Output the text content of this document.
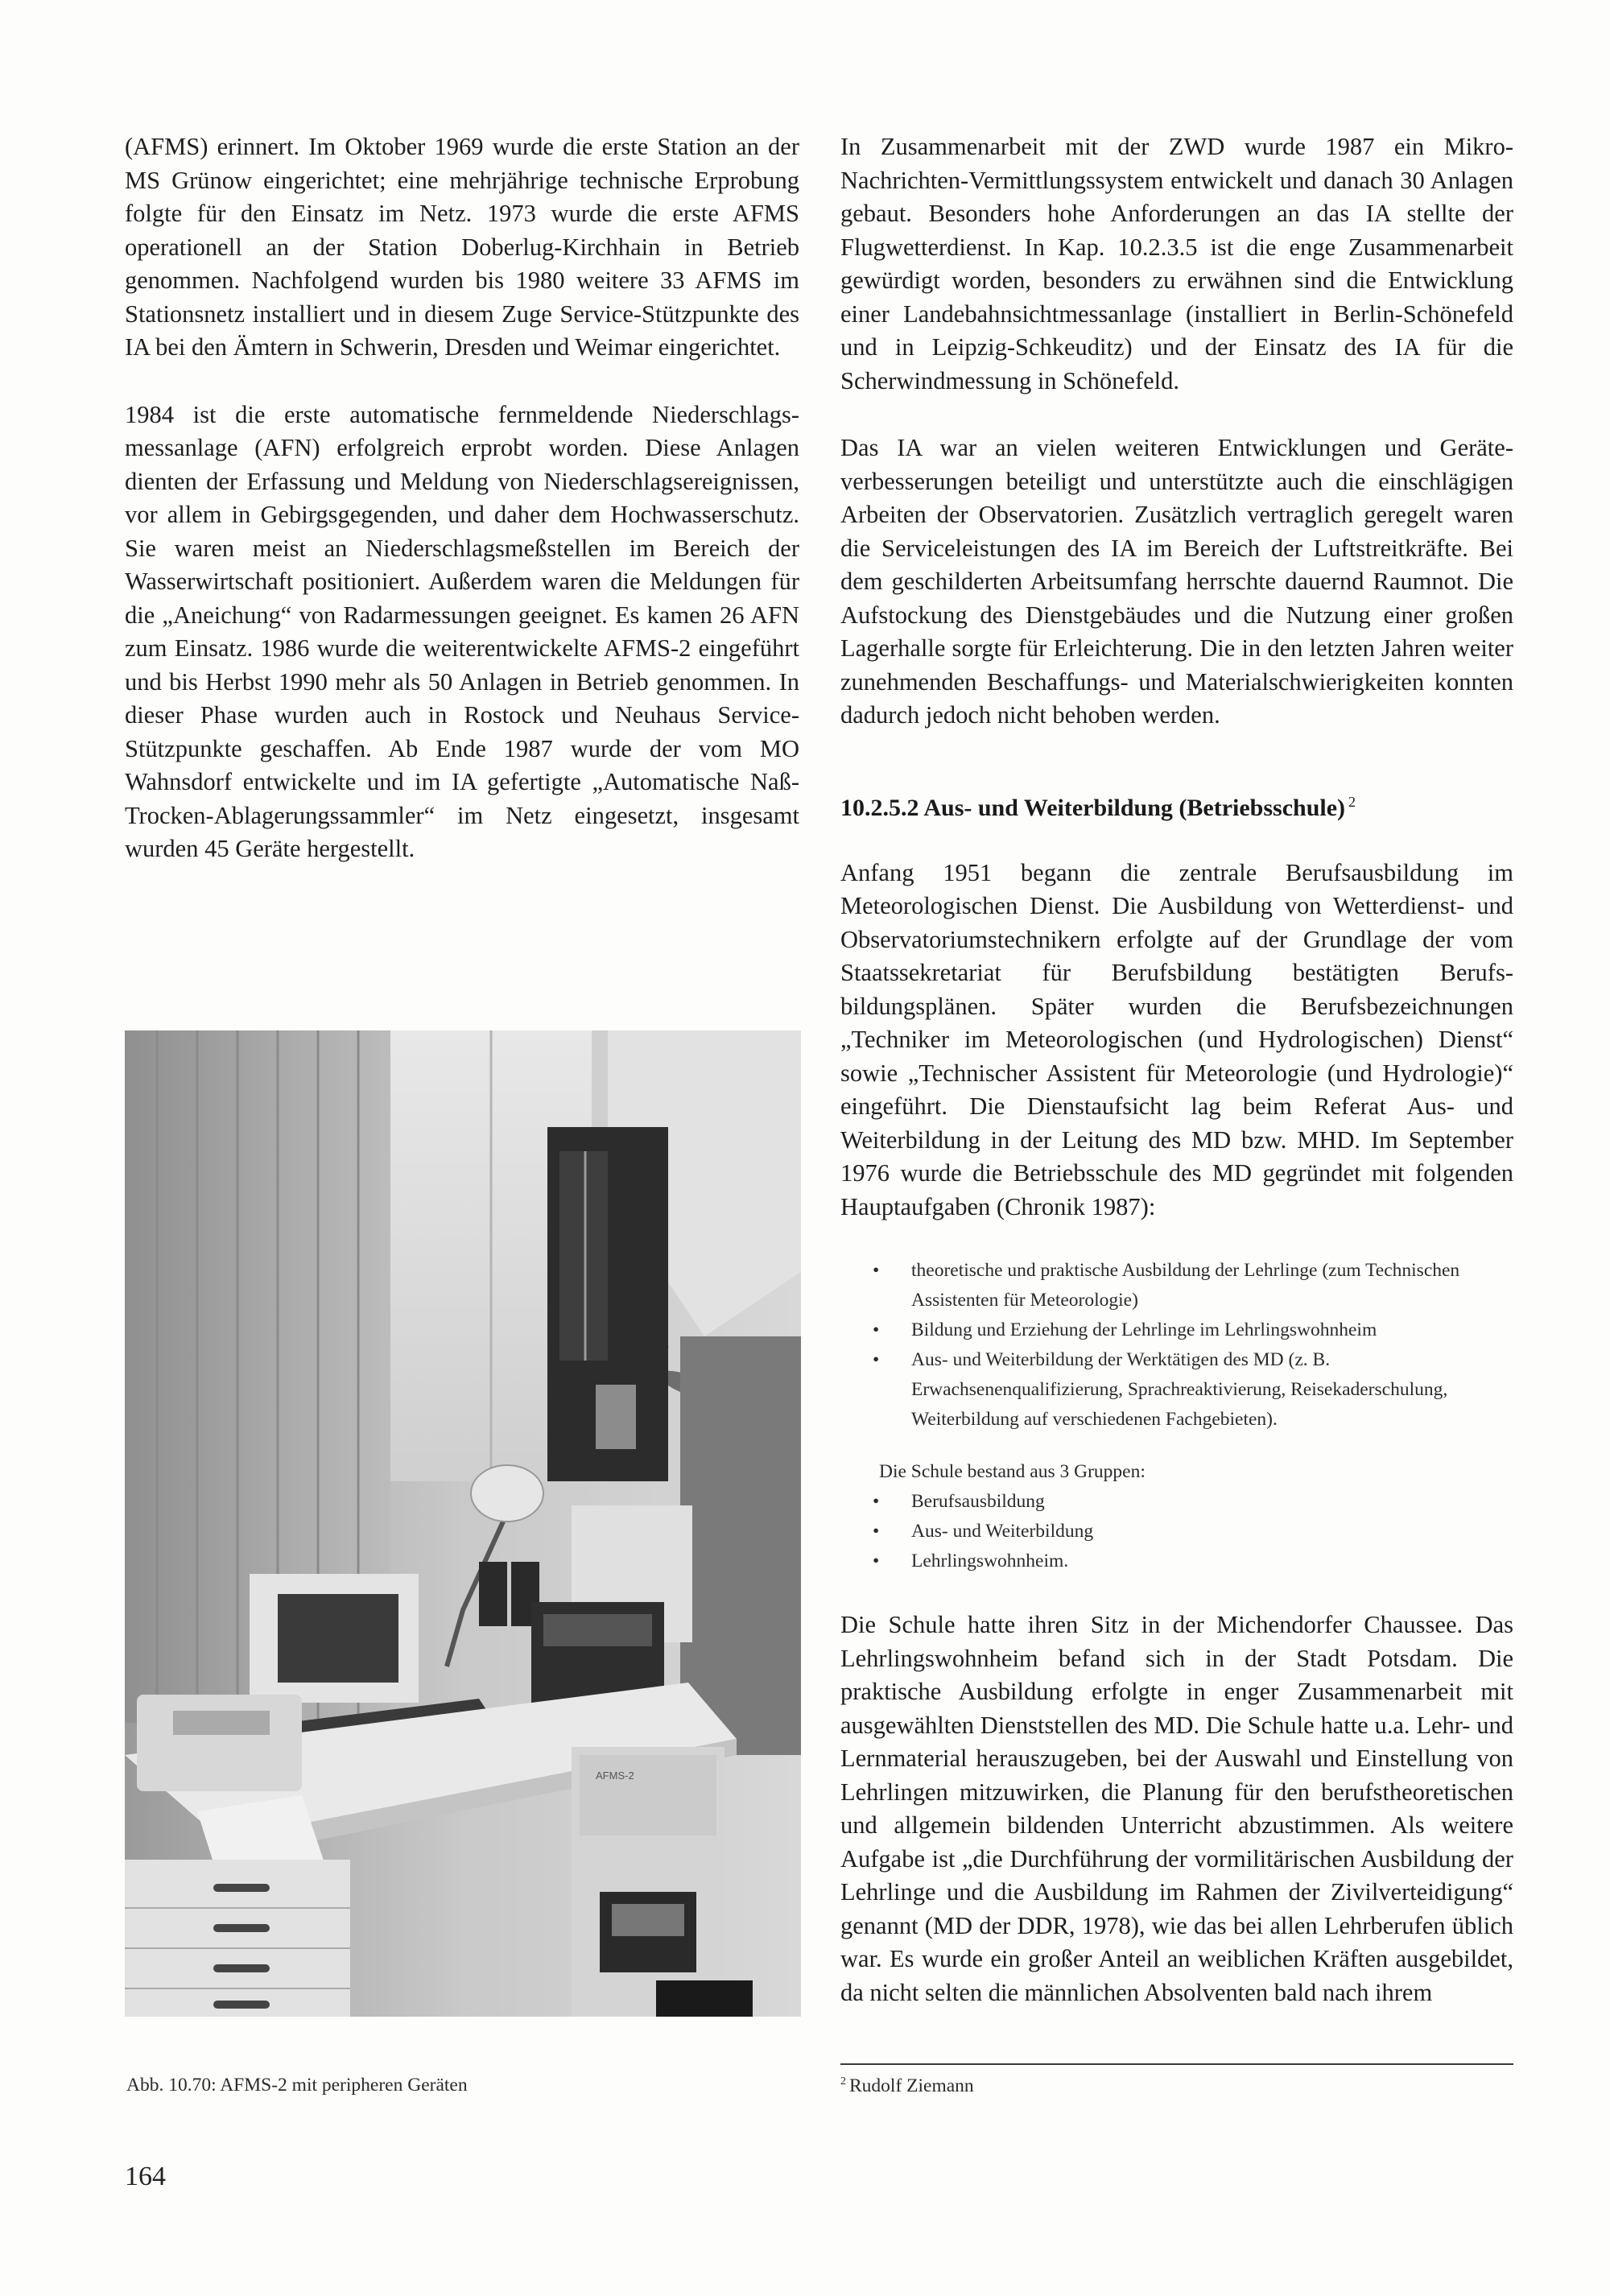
(AFMS) erinnert. Im Oktober 1969 wurde die erste Station an der MS Grünow eingerichtet; eine mehrjährige technische Erprobung folgte für den Einsatz im Netz. 1973 wurde die erste AFMS operationell an der Station Doberlug-Kirchhain in Betrieb genommen. Nachfolgend wurden bis 1980 weitere 33 AFMS im Stationsnetz installiert und in diesem Zuge Service-Stützpunkte des IA bei den Ämtern in Schwerin, Dresden und Weimar eingerichtet.

1984 ist die erste automatische fernmeldende Niederschlagsmessanlage (AFN) erfolgreich erprobt worden. Diese Anlagen dienten der Erfassung und Meldung von Niederschlagsereignissen, vor allem in Gebirgsgegenden, und daher dem Hochwasserschutz. Sie waren meist an Niederschlagsmeßstellen im Bereich der Wasserwirtschaft positioniert. Außerdem waren die Meldungen für die „Aneichung“ von Radarmessungen geeignet. Es kamen 26 AFN zum Einsatz. 1986 wurde die weiterentwickelte AFMS-2 eingeführt und bis Herbst 1990 mehr als 50 Anlagen in Betrieb genommen. In dieser Phase wurden auch in Rostock und Neuhaus Service-Stützpunkte geschaffen. Ab Ende 1987 wurde der vom MO Wahnsdorf entwickelte und im IA gefertigte „Automatische Naß-Trocken-Ablagerungssammler“ im Netz eingesetzt, insgesamt wurden 45 Geräte hergestellt.

AFMS-2

Abb. 10.70: AFMS-2 mit peripheren Geräten

In Zusammenarbeit mit der ZWD wurde 1987 ein Mikro-Nachrichten-Vermittlungssystem entwickelt und danach 30 Anlagen gebaut. Besonders hohe Anforderungen an das IA stellte der Flugwetterdienst. In Kap. 10.2.3.5 ist die enge Zusammenarbeit gewürdigt worden, besonders zu erwähnen sind die Entwicklung einer Landebahnsichtmessanlage (installiert in Berlin-Schönefeld und in Leipzig-Schkeuditz) und der Einsatz des IA für die Scherwindmessung in Schönefeld.

Das IA war an vielen weiteren Entwicklungen und Geräteverbesserungen beteiligt und unterstützte auch die einschlägigen Arbeiten der Observatorien. Zusätzlich vertraglich geregelt waren die Serviceleistungen des IA im Bereich der Luftstreitkräfte. Bei dem geschilderten Arbeitsumfang herrschte dauernd Raumnot. Die Aufstockung des Dienstgebäudes und die Nutzung einer großen Lagerhalle sorgte für Erleichterung. Die in den letzten Jahren weiter zunehmenden Beschaffungs- und Materialschwierigkeiten konnten dadurch jedoch nicht behoben werden.

10.2.5.2 Aus- und Weiterbildung (Betriebsschule) $^2$

Anfang 1951 begann die zentrale Berufsausbildung im Meteorologischen Dienst. Die Ausbildung von Wetterdienst- und Observatoriumstechnikern erfolgte auf der Grundlage der vom Staatssekretariat für Berufsbildung bestätigten Berufsbildungsplänen. Später wurden die Berufsbezeichnungen „Techniker im Meteorologischen (und Hydrologischen) Dienst“ sowie „Technischer Assistent für Meteorologie (und Hydrologie)“ eingeführt. Die Dienstaufsicht lag beim Referat Aus- und Weiterbildung in der Leitung des MD bzw. MHD. Im September 1976 wurde die Betriebsschule des MD gegründet mit folgenden Hauptaufgaben (Chronik 1987):

• theoretische und praktische Ausbildung der Lehrlinge (zum Technischen Assistenten für Meteorologie)
• Bildung und Erziehung der Lehrlinge im Lehrlingswohnheim
• Aus- und Weiterbildung der Werktätigen des MD (z. B. Erwachsenenqualifizierung, Sprachreaktivierung, Reisekaderschulung, Weiterbildung auf verschiedenen Fachgebieten).

Die Schule bestand aus 3 Gruppen:

• Berufsausbildung
• Aus- und Weiterbildung
• Lehrlingswohnheim.

Die Schule hatte ihren Sitz in der Michendorfer Chaussee. Das Lehrlingswohnheim befand sich in der Stadt Potsdam. Die praktische Ausbildung erfolgte in enger Zusammenarbeit mit ausgewählten Dienststellen des MD. Die Schule hatte u.a. Lehr- und Lernmaterial herauszugeben, bei der Auswahl und Einstellung von Lehrlingen mitzuwirken, die Planung für den berufstheoretischen und allgemein bildenden Unterricht abzustimmen. Als weitere Aufgabe ist „die Durchführung der vormilitärischen Ausbildung der Lehrlinge und die Ausbildung im Rahmen der Zivilverteidigung“ genannt (MD der DDR, 1978), wie das bei allen Lehrberufen üblich war. Es wurde ein großer Anteil an weiblichen Kräften ausgebildet, da nicht selten die männlichen Absolventen bald nach ihrem

$^2$ Rudolf Ziemann

164
